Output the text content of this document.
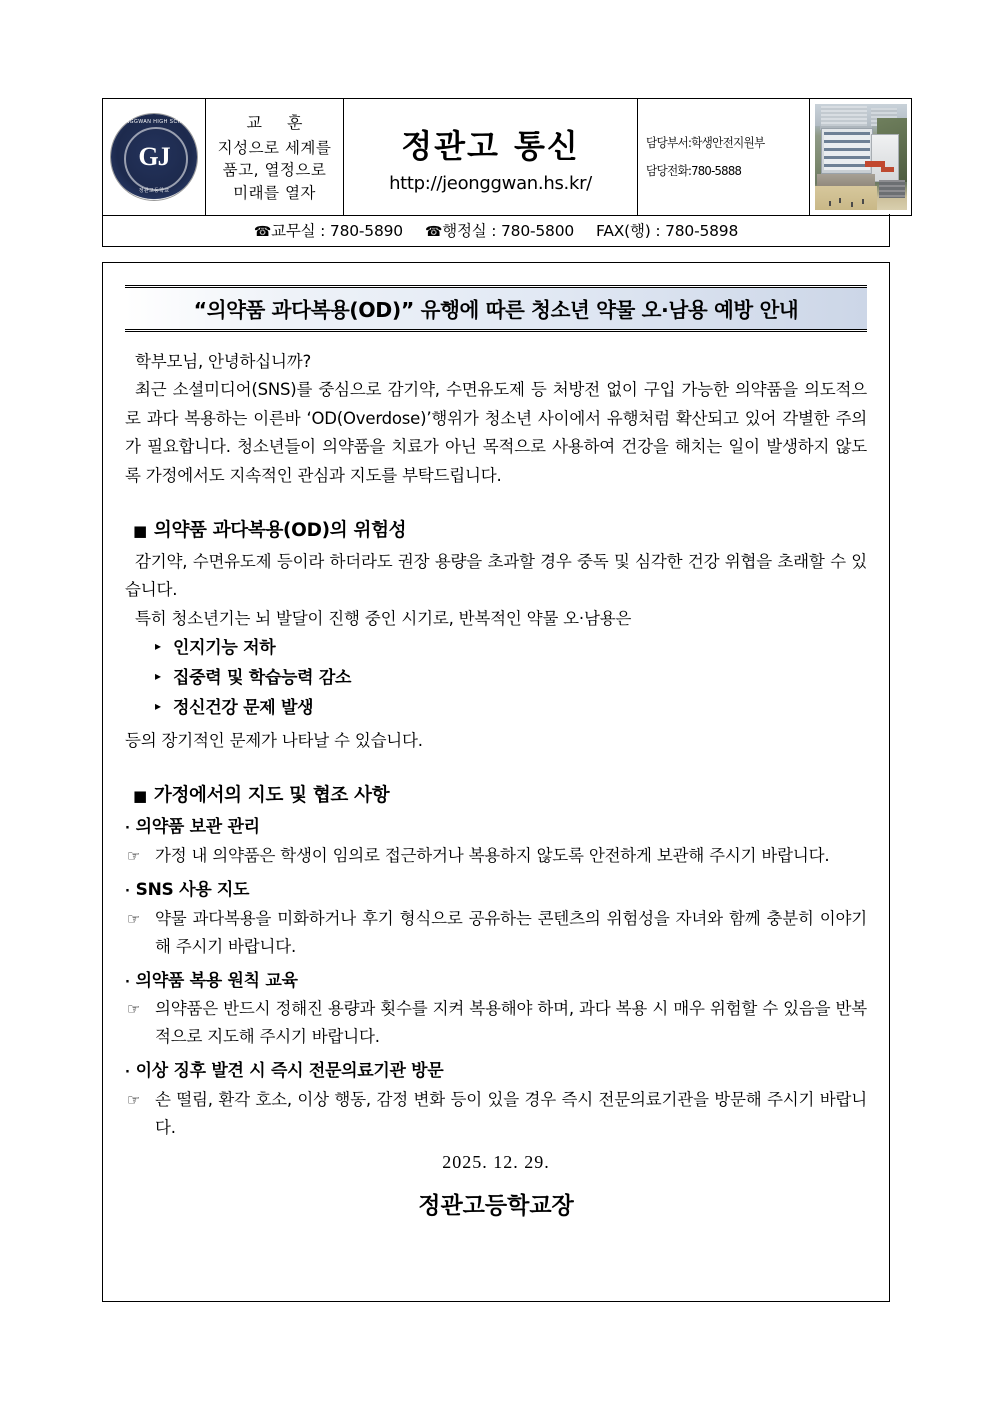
JEONGGWAN HIGH SCHOOL
GJ
정관고등학교

교 훈
지성으로 세계를
품고, 열정으로
미래를 열자

정관고 통신
http://jeonggwan.hs.kr/

담당부서:학생안전지원부
담당전화:780-5888

☎교무실 : 780-5890 ☎행정실 : 780-5800 FAX(행) : 780-5898
“의약품 과다복용(OD)” 유행에 따른 청소년 약물 오·남용 예방 안내

학부모님, 안녕하십니까?

최근 소셜미디어(SNS)를 중심으로 감기약, 수면유도제 등 처방전 없이 구입 가능한 의약품을 의도적으로 과다 복용하는 이른바 ‘OD(Overdose)’행위가 청소년 사이에서 유행처럼 확산되고 있어 각별한 주의가 필요합니다. 청소년들이 의약품을 치료가 아닌 목적으로 사용하여 건강을 해치는 일이 발생하지 않도록 가정에서도 지속적인 관심과 지도를 부탁드립니다.

■ 의약품 과다복용(OD)의 위험성

감기약, 수면유도제 등이라 하더라도 권장 용량을 초과할 경우 중독 및 심각한 건강 위협을 초래할 수 있습니다.

특히 청소년기는 뇌 발달이 진행 중인 시기로, 반복적인 약물 오·남용은

▸ 인지기능 저하
▸ 집중력 및 학습능력 감소
▸ 정신건강 문제 발생

등의 장기적인 문제가 나타날 수 있습니다.

■ 가정에서의 지도 및 협조 사항
· 의약품 보관 관리

☞ 가정 내 의약품은 학생이 임의로 접근하거나 복용하지 않도록 안전하게 보관해 주시기 바랍니다.

· SNS 사용 지도

☞ 약물 과다복용을 미화하거나 후기 형식으로 공유하는 콘텐츠의 위험성을 자녀와 함께 충분히 이야기해 주시기 바랍니다.

· 의약품 복용 원칙 교육

☞ 의약품은 반드시 정해진 용량과 횟수를 지켜 복용해야 하며, 과다 복용 시 매우 위험할 수 있음을 반복적으로 지도해 주시기 바랍니다.

· 이상 징후 발견 시 즉시 전문의료기관 방문

☞ 손 떨림, 환각 호소, 이상 행동, 감정 변화 등이 있을 경우 즉시 전문의료기관을 방문해 주시기 바랍니다.

2025. 12. 29.
정관고등학교장
